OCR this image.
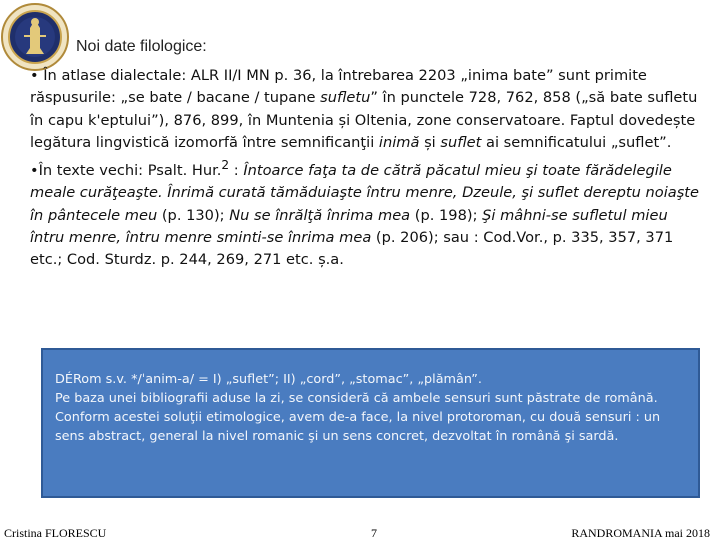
Noi date filologice:

• În atlase dialectale: ALR II/I MN p. 36, la întrebarea 2203 „inima bate” sunt primite răspusurile: „se bate / bacane / tupane sufletu” în punctele 728, 762, 858 („să bate sufletu în capu k'eptului”), 876, 899, în Muntenia și Oltenia, zone conservatoare. Faptul dovedește legătura lingvistică izomorfă între semnificanţii inimă și suflet ai semnificatului „suflet”.

•În texte vechi: Psalt. Hur.$^2$ : Întoarce faţa ta de cătră păcatul mieu şi toate fărădelegile meale curăţeaşte. Înrimă curată tămăduiaşte întru menre, Dzeule, şi suflet dereptu noiaşte în pântecele meu (p. 130); Nu se înrălţă înrima mea (p. 198); Şi mâhni-se sufletul mieu întru menre, întru menre sminti-se înrima mea (p. 206); sau : Cod.Vor., p. 335, 357, 371 etc.; Cod. Sturdz. p. 244, 269, 271 etc. ș.a.

DÉRom s.v. */ˈanim‑a/ = I) „suflet”; II) „cord”, „stomac”, „plămân”.
Pe baza unei bibliografii aduse la zi, se consideră că ambele sensuri sunt păstrate de română. Conform acestei soluţii etimologice, avem de-a face, la nivel protoroman, cu două sensuri : un sens abstract, general la nivel romanic şi un sens concret, dezvoltat în română şi sardă.
Cristina FLORESCU	7	RANDROMANIA mai 2018
